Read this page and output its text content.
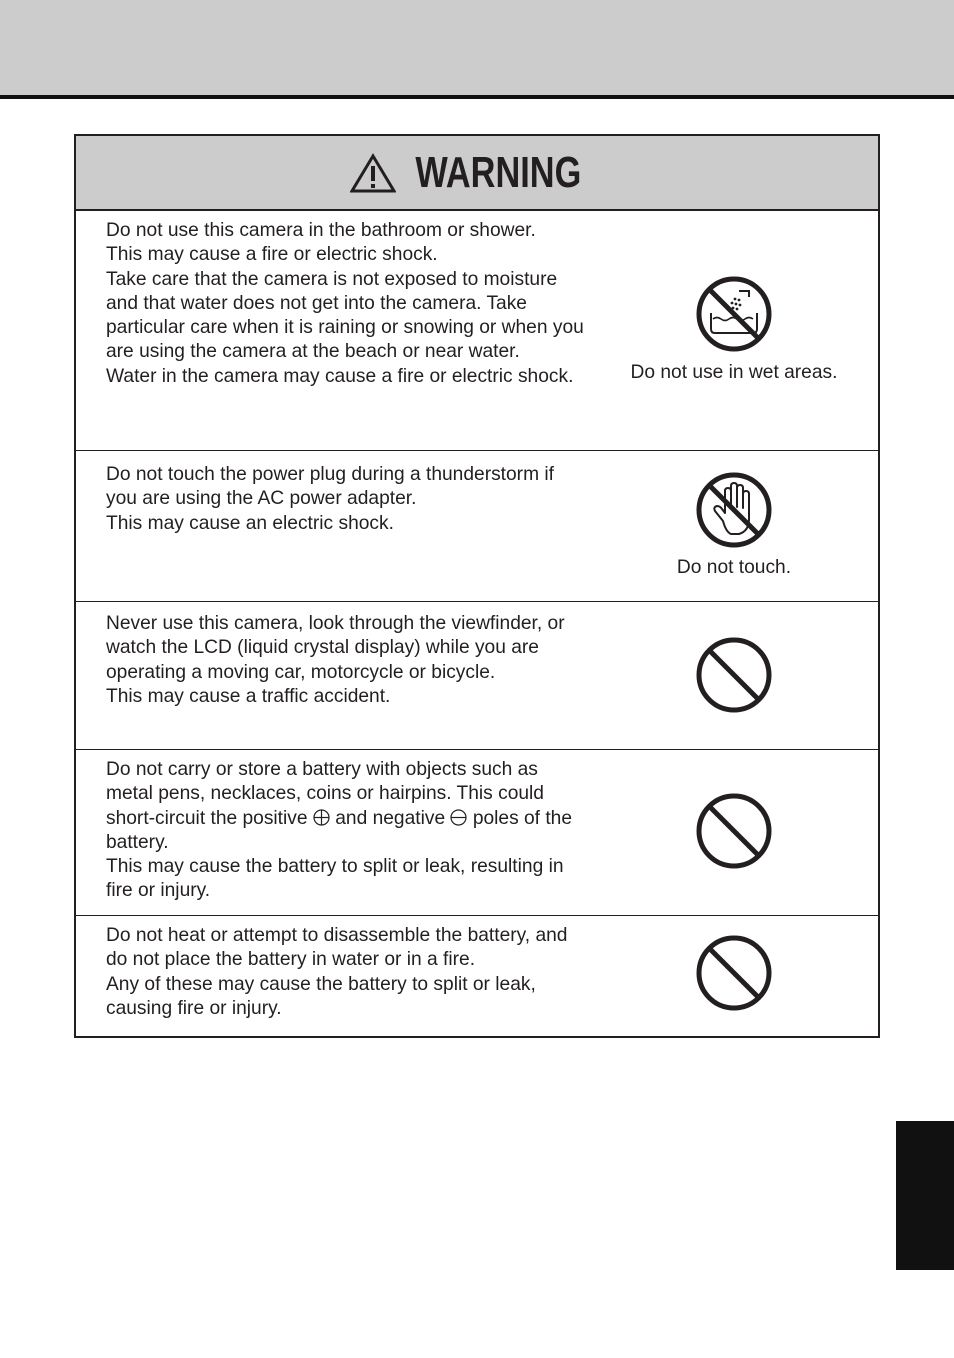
WARNING

Do not use this camera in the bathroom or shower.

This may cause a fire or electric shock.

Take care that the camera is not exposed to moisture and that water does not get into the camera. Take particular care when it is raining or snowing or when you are using the camera at the beach or near water.

Water in the camera may cause a fire or electric shock.	Do not use in wet areas.

Do not touch the power plug during a thunderstorm if you are using the AC power adapter.

This may cause an electric shock.

Do not touch.

Never use this camera, look through the viewfinder, or watch the LCD (liquid crystal display) while you are operating a moving car, motorcycle or bicycle.

This may cause a traffic accident.

Do not carry or store a battery with objects such as metal pens, necklaces, coins or hairpins. This could short-circuit the positive and negative poles of the battery.

This may cause the battery to split or leak, resulting in fire or injury.

Do not heat or attempt to disassemble the battery, and do not place the battery in water or in a fire.

Any of these may cause the battery to split or leak, causing fire or injury.
